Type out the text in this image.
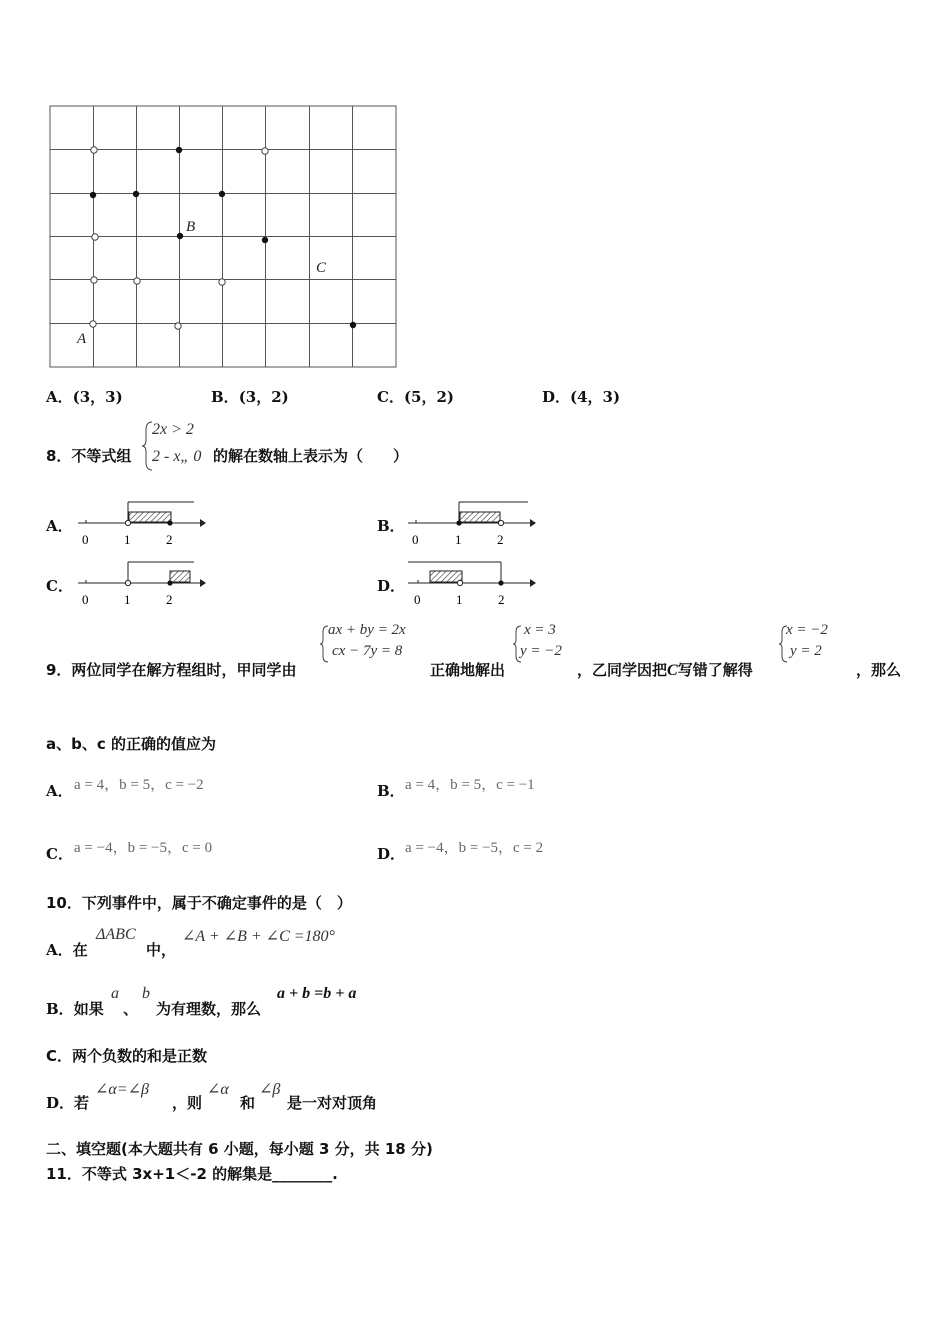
B
C
A
A．(3，3)	B．(3，2)	C．(5，2)	D．(4，3)
8．不等式组
2x > 2
2 - x„ 0 的解在数轴上表示为（　　）
A．
0	1	2
B．
0	1	2
C．
0	1	2
D．
0	1	2
9．两位同学在解方程组时，甲同学由
ax + by = 2x
cx − 7y = 8
正确地解出
x = 3
y = −2
，乙同学因把C写错了解得
x = −2
y = 2
，那么
a、b、c 的正确的值应为
A． a = 4，b = 5，c = −2	B． a = 4，b = 5，c = −1
C． a = −4，b = −5，c = 0	D． a = −4，b = −5，c = 2
10．下列事件中，属于不确定事件的是（　）
A．在
ΔABC
中，
∠A + ∠B + ∠C =180°
B．如果
a
、
b
为有理数，那么
a + b =b + a
C．两个负数的和是正数
D．若
∠α=∠β
，则
∠α
和
∠β
是一对对顶角
二、填空题(本大题共有 6 小题，每小题 3 分，共 18 分)
11．不等式 3x+1＜-2 的解集是________.
